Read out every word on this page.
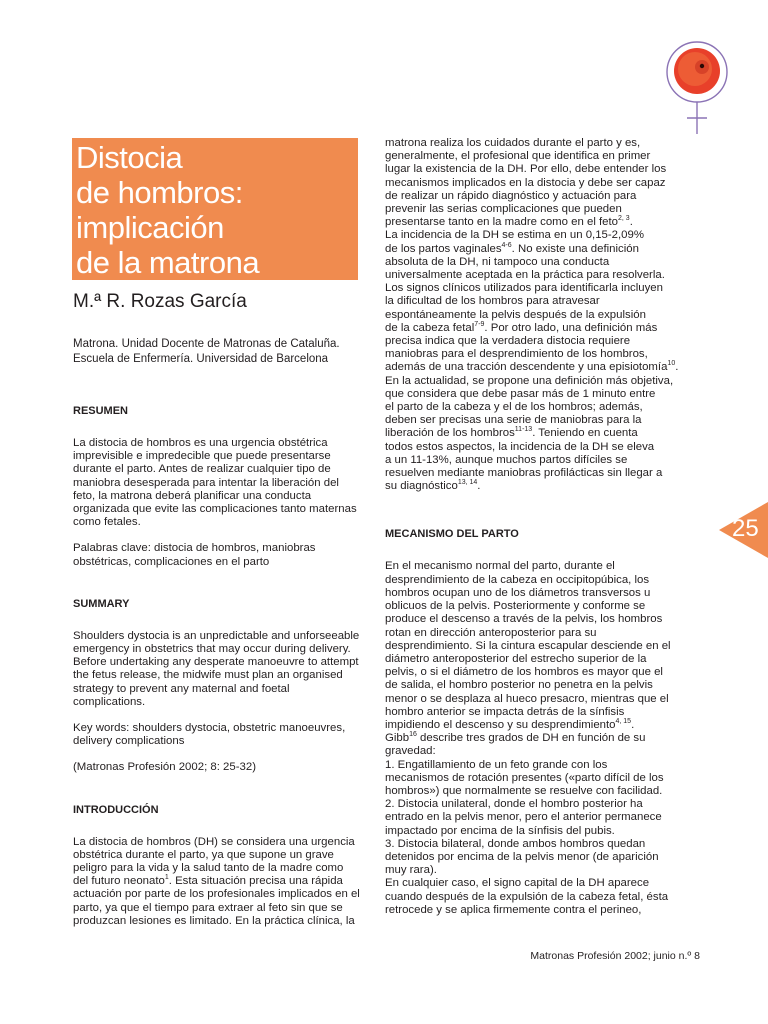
Distocia
de hombros:
implicación
de la matrona
M.ª R. Rozas García
Matrona. Unidad Docente de Matronas de Cataluña.
Escuela de Enfermería. Universidad de Barcelona
RESUMEN
La distocia de hombros es una urgencia obstétrica
imprevisible e impredecible que puede presentarse
durante el parto. Antes de realizar cualquier tipo de
maniobra desesperada para intentar la liberación del
feto, la matrona deberá planificar una conducta
organizada que evite las complicaciones tanto maternas
como fetales.
Palabras clave: distocia de hombros, maniobras
obstétricas, complicaciones en el parto
SUMMARY
Shoulders dystocia is an unpredictable and unforseeable
emergency in obstetrics that may occur during delivery.
Before undertaking any desperate manoeuvre to attempt
the fetus release, the midwife must plan an organised
strategy to prevent any maternal and foetal
complications.
Key words: shoulders dystocia, obstetric manoeuvres,
delivery complications
(Matronas Profesión 2002; 8: 25-32)
INTRODUCCIÓN
La distocia de hombros (DH) se considera una urgencia
obstétrica durante el parto, ya que supone un grave
peligro para la vida y la salud tanto de la madre como
del futuro neonato$^1$. Esta situación precisa una rápida
actuación por parte de los profesionales implicados en el
parto, ya que el tiempo para extraer al feto sin que se
produzcan lesiones es limitado. En la práctica clínica, la
matrona realiza los cuidados durante el parto y es,
generalmente, el profesional que identifica en primer
lugar la existencia de la DH. Por ello, debe entender los
mecanismos implicados en la distocia y debe ser capaz
de realizar un rápido diagnóstico y actuación para
prevenir las serias complicaciones que pueden
presentarse tanto en la madre como en el feto$^{2, 3}$.
La incidencia de la DH se estima en un 0,15-2,09%
de los partos vaginales$^{4-6}$. No existe una definición
absoluta de la DH, ni tampoco una conducta
universalmente aceptada en la práctica para resolverla.
Los signos clínicos utilizados para identificarla incluyen
la dificultad de los hombros para atravesar
espontáneamente la pelvis después de la expulsión
de la cabeza fetal$^{7-9}$. Por otro lado, una definición más
precisa indica que la verdadera distocia requiere
maniobras para el desprendimiento de los hombros,
además de una tracción descendente y una episiotomía$^{10}$.
En la actualidad, se propone una definición más objetiva,
que considera que debe pasar más de 1 minuto entre
el parto de la cabeza y el de los hombros; además,
deben ser precisas una serie de maniobras para la
liberación de los hombros$^{11-13}$. Teniendo en cuenta
todos estos aspectos, la incidencia de la DH se eleva
a un 11-13%, aunque muchos partos difíciles se
resuelven mediante maniobras profilácticas sin llegar a
su diagnóstico$^{13, 14}$.
MECANISMO DEL PARTO
En el mecanismo normal del parto, durante el
desprendimiento de la cabeza en occipitopúbica, los
hombros ocupan uno de los diámetros transversos u
oblicuos de la pelvis. Posteriormente y conforme se
produce el descenso a través de la pelvis, los hombros
rotan en dirección anteroposterior para su
desprendimiento. Si la cintura escapular desciende en el
diámetro anteroposterior del estrecho superior de la
pelvis, o si el diámetro de los hombros es mayor que el
de salida, el hombro posterior no penetra en la pelvis
menor o se desplaza al hueco presacro, mientras que el
hombro anterior se impacta detrás de la sínfisis
impidiendo el descenso y su desprendimiento$^{4, 15}$.
Gibb$^{16}$ describe tres grados de DH en función de su
gravedad:
1. Engatillamiento de un feto grande con los
mecanismos de rotación presentes («parto difícil de los
hombros») que normalmente se resuelve con facilidad.
2. Distocia unilateral, donde el hombro posterior ha
entrado en la pelvis menor, pero el anterior permanece
impactado por encima de la sínfisis del pubis.
3. Distocia bilateral, donde ambos hombros quedan
detenidos por encima de la pelvis menor (de aparición
muy rara).
En cualquier caso, el signo capital de la DH aparece
cuando después de la expulsión de la cabeza fetal, ésta
retrocede y se aplica firmemente contra el perineo,
25
Matronas Profesión 2002; junio n.º 8
